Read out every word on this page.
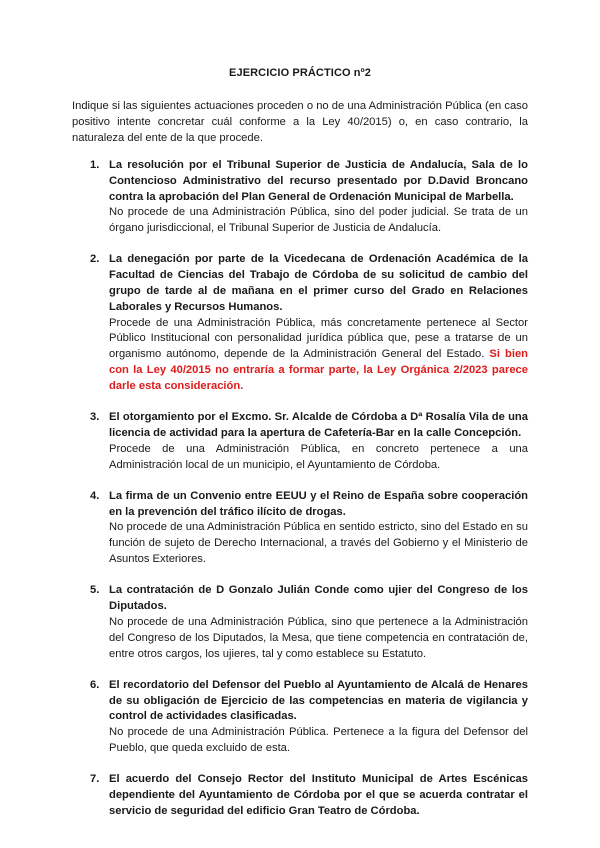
EJERCICIO PRÁCTICO nº2
Indique si las siguientes actuaciones proceden o no de una Administración Pública (en caso positivo intente concretar cuál conforme a la Ley 40/2015) o, en caso contrario, la naturaleza del ente de la que procede.
1. La resolución por el Tribunal Superior de Justicia de Andalucía, Sala de lo Contencioso Administrativo del recurso presentado por D.David Broncano contra la aprobación del Plan General de Ordenación Municipal de Marbella.
No procede de una Administración Pública, sino del poder judicial. Se trata de un órgano jurisdiccional, el Tribunal Superior de Justicia de Andalucía.
2. La denegación por parte de la Vicedecana de Ordenación Académica de la Facultad de Ciencias del Trabajo de Córdoba de su solicitud de cambio del grupo de tarde al de mañana en el primer curso del Grado en Relaciones Laborales y Recursos Humanos.
Procede de una Administración Pública, más concretamente pertenece al Sector Público Institucional con personalidad jurídica pública que, pese a tratarse de un organismo autónomo, depende de la Administración General del Estado. Si bien con la Ley 40/2015 no entraría a formar parte, la Ley Orgánica 2/2023 parece darle esta consideración.
3. El otorgamiento por el Excmo. Sr. Alcalde de Córdoba a Dª Rosalía Vila de una licencia de actividad para la apertura de Cafetería-Bar en la calle Concepción.
Procede de una Administración Pública, en concreto pertenece a una Administración local de un municipio, el Ayuntamiento de Córdoba.
4. La firma de un Convenio entre EEUU y el Reino de España sobre cooperación en la prevención del tráfico ilícito de drogas.
No procede de una Administración Pública en sentido estricto, sino del Estado en su función de sujeto de Derecho Internacional, a través del Gobierno y el Ministerio de Asuntos Exteriores.
5. La contratación de D Gonzalo Julián Conde como ujier del Congreso de los Diputados.
No procede de una Administración Pública, sino que pertenece a la Administración del Congreso de los Diputados, la Mesa, que tiene competencia en contratación de, entre otros cargos, los ujieres, tal y como establece su Estatuto.
6. El recordatorio del Defensor del Pueblo al Ayuntamiento de Alcalá de Henares de su obligación de Ejercicio de las competencias en materia de vigilancia y control de actividades clasificadas.
No procede de una Administración Pública. Pertenece a la figura del Defensor del Pueblo, que queda excluido de esta.
7. El acuerdo del Consejo Rector del Instituto Municipal de Artes Escénicas dependiente del Ayuntamiento de Córdoba por el que se acuerda contratar el servicio de seguridad del edificio Gran Teatro de Córdoba.
